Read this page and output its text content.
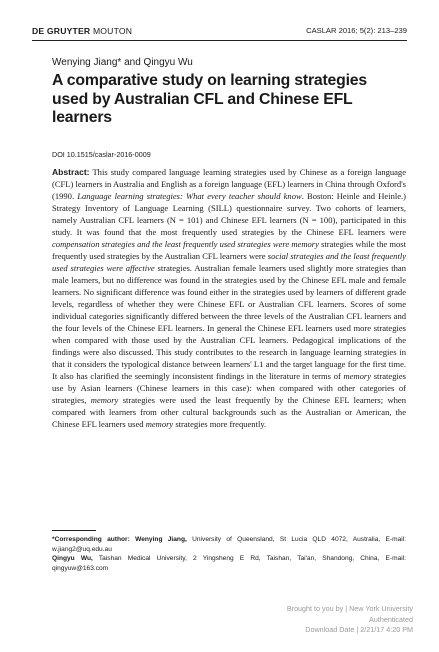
DE GRUYTER MOUTON	CASLAR 2016; 5(2): 213–239
Wenying Jiang* and Qingyu Wu
A comparative study on learning strategies used by Australian CFL and Chinese EFL learners
DOI 10.1515/caslar-2016-0009

Abstract: This study compared language learning strategies used by Chinese as a foreign language (CFL) learners in Australia and English as a foreign language (EFL) learners in China through Oxford's (1990. Language learning strategies: What every teacher should know. Boston: Heinle and Heinle.) Strategy Inventory of Language Learning (SILL) questionnaire survey. Two cohorts of learners, namely Australian CFL learners (N = 101) and Chinese EFL learners (N = 100), participated in this study. It was found that the most frequently used strategies by the Chinese EFL learners were compensation strategies and the least frequently used strategies were memory strategies while the most frequently used strategies by the Australian CFL learners were social strategies and the least frequently used strategies were affective strategies. Australian female learners used slightly more strategies than male learners, but no difference was found in the strategies used by the Chinese EFL male and female learners. No significant difference was found either in the strategies used by learners of different grade levels, regardless of whether they were Chinese EFL or Australian CFL learners. Scores of some individual categories significantly differed between the three levels of the Australian CFL learners and the four levels of the Chinese EFL learners. In general the Chinese EFL learners used more strategies when compared with those used by the Australian CFL learners. Pedagogical implications of the findings were also discussed. This study contributes to the research in language learning strategies in that it considers the typological distance between learners' L1 and the target language for the first time. It also has clarified the seemingly inconsistent findings in the literature in terms of memory strategies use by Asian learners (Chinese learners in this case): when compared with other categories of strategies, memory strategies were used the least frequently by the Chinese EFL learners; when compared with learners from other cultural backgrounds such as the Australian or American, the Chinese EFL learners used memory strategies more frequently.

*Corresponding author: Wenying Jiang, University of Queensland, St Lucia QLD 4072, Australia, E-mail: w.jiang2@uq.edu.au

Qingyu Wu, Taishan Medical University, 2 Yingsheng E Rd, Taishan, Tai'an, Shandong, China, E-mail: qingyuw@163.com

Brought to you by | New York University
Authenticated
Download Date | 2/21/17 4:20 PM
